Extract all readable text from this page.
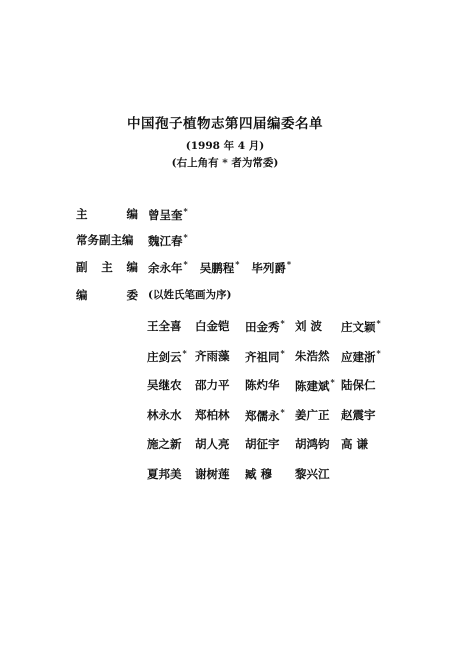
中国孢子植物志第四届编委名单
(1998 年 4 月)
(右上角有 * 者为常委)
主	编 曾呈奎*
常务副主编	魏江春*
副 主 编 余永年*   吴鹏程*   毕列爵*
编	委 (以姓氏笔画为序)
王全喜 白金铠 田金秀* 刘 波 庄文颖*
庄剑云* 齐雨藻 齐祖同* 朱浩然 应建浙*
吴继农 邵力平 陈灼华 陈建斌* 陆保仁
林永水 郑柏林 郑儒永* 姜广正 赵震宇
施之新 胡人亮 胡征宇 胡鸿钧 高 谦
夏邦美 谢树莲 臧 穆 黎兴江
